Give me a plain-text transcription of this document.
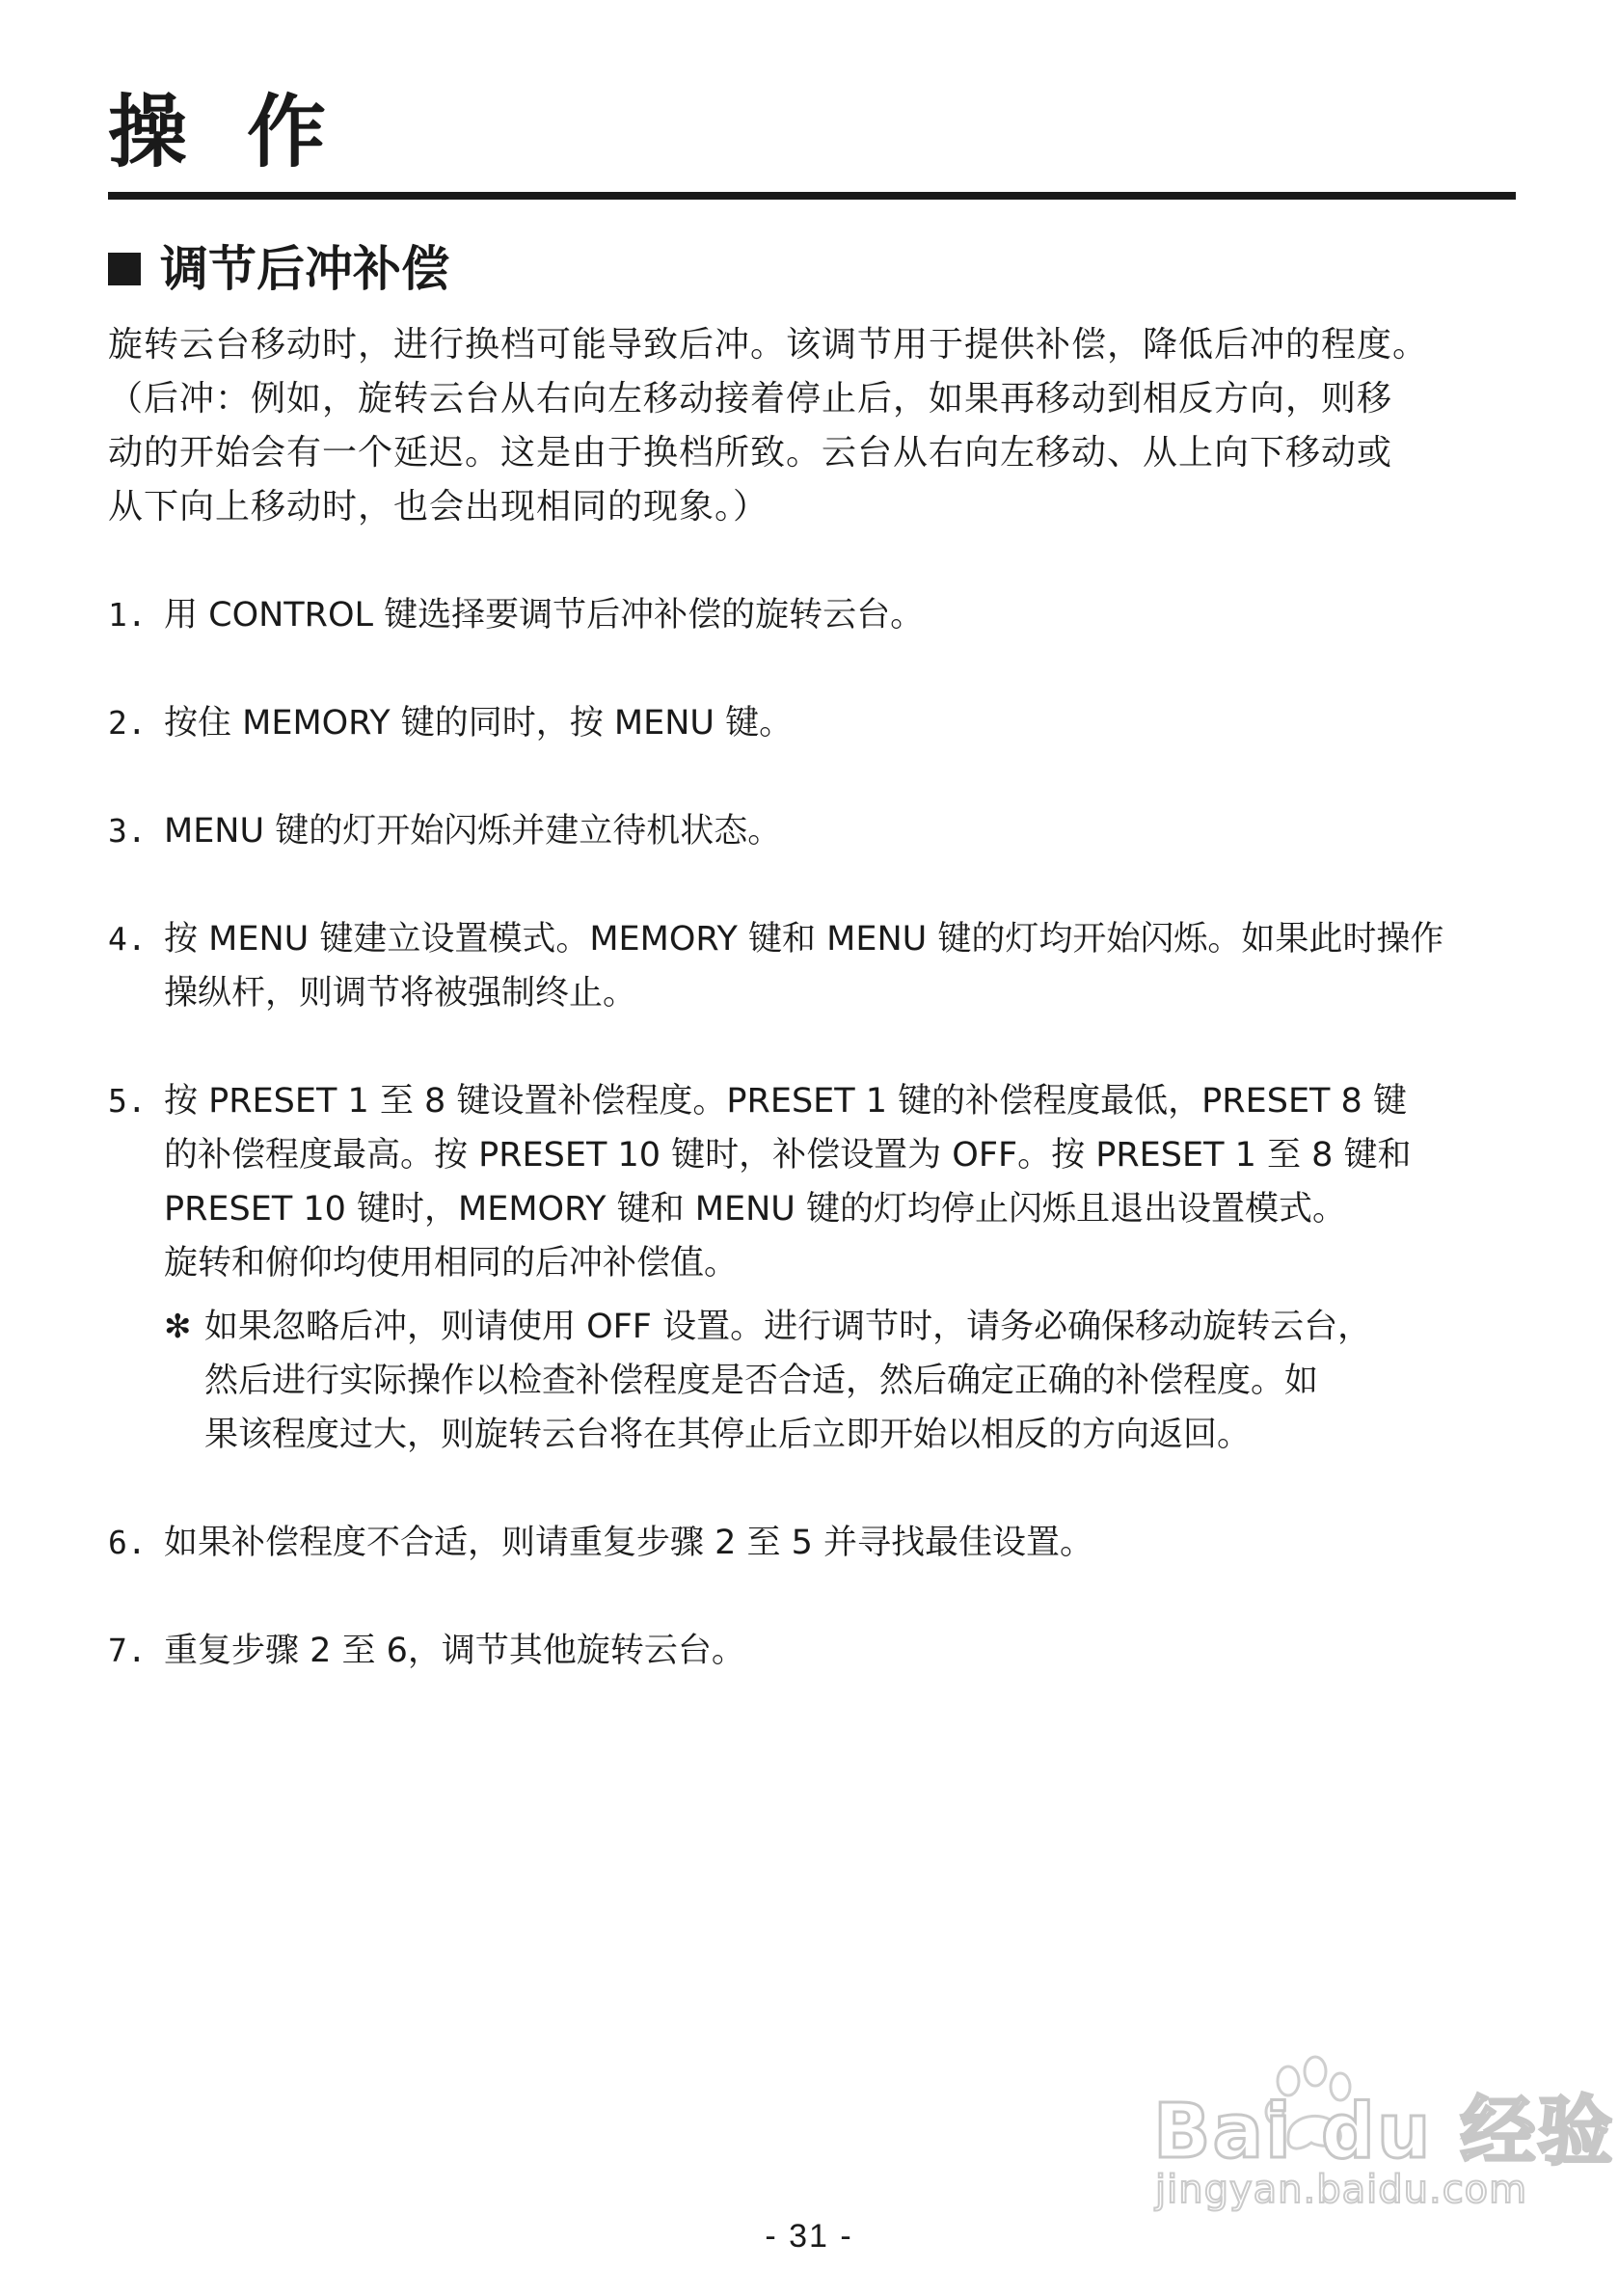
操作
调节后冲补偿

旋转云台移动时，进行换档可能导致后冲。该调节用于提供补偿，降低后冲的程度。

（后冲：例如，旋转云台从右向左移动接着停止后，如果再移动到相反方向，则移

动的开始会有一个延迟。这是由于换档所致。云台从右向左移动、从上向下移动或

从下向上移动时，也会出现相同的现象。）

1. 用 CONTROL 键选择要调节后冲补偿的旋转云台。
2. 按住 MEMORY 键的同时，按 MENU 键。
3. MENU 键的灯开始闪烁并建立待机状态。
4. 按 MENU 键建立设置模式。MEMORY 键和 MENU 键的灯均开始闪烁。如果此时操作
操纵杆，则调节将被强制终止。
5. 按 PRESET 1 至 8 键设置补偿程度。PRESET 1 键的补偿程度最低，PRESET 8 键
的补偿程度最高。按 PRESET 10 键时，补偿设置为 OFF。按 PRESET 1 至 8 键和
PRESET 10 键时，MEMORY 键和 MENU 键的灯均停止闪烁且退出设置模式。
旋转和俯仰均使用相同的后冲补偿值。
✻ 如果忽略后冲，则请使用 OFF 设置。进行调节时，请务必确保移动旋转云台，
然后进行实际操作以检查补偿程度是否合适，然后确定正确的补偿程度。如
果该程度过大，则旋转云台将在其停止后立即开始以相反的方向返回。
6. 如果补偿程度不合适，则请重复步骤 2 至 5 并寻找最佳设置。
7. 重复步骤 2 至 6，调节其他旋转云台。
Bai du 经验
jingyan.baidu.com
- 31 -
